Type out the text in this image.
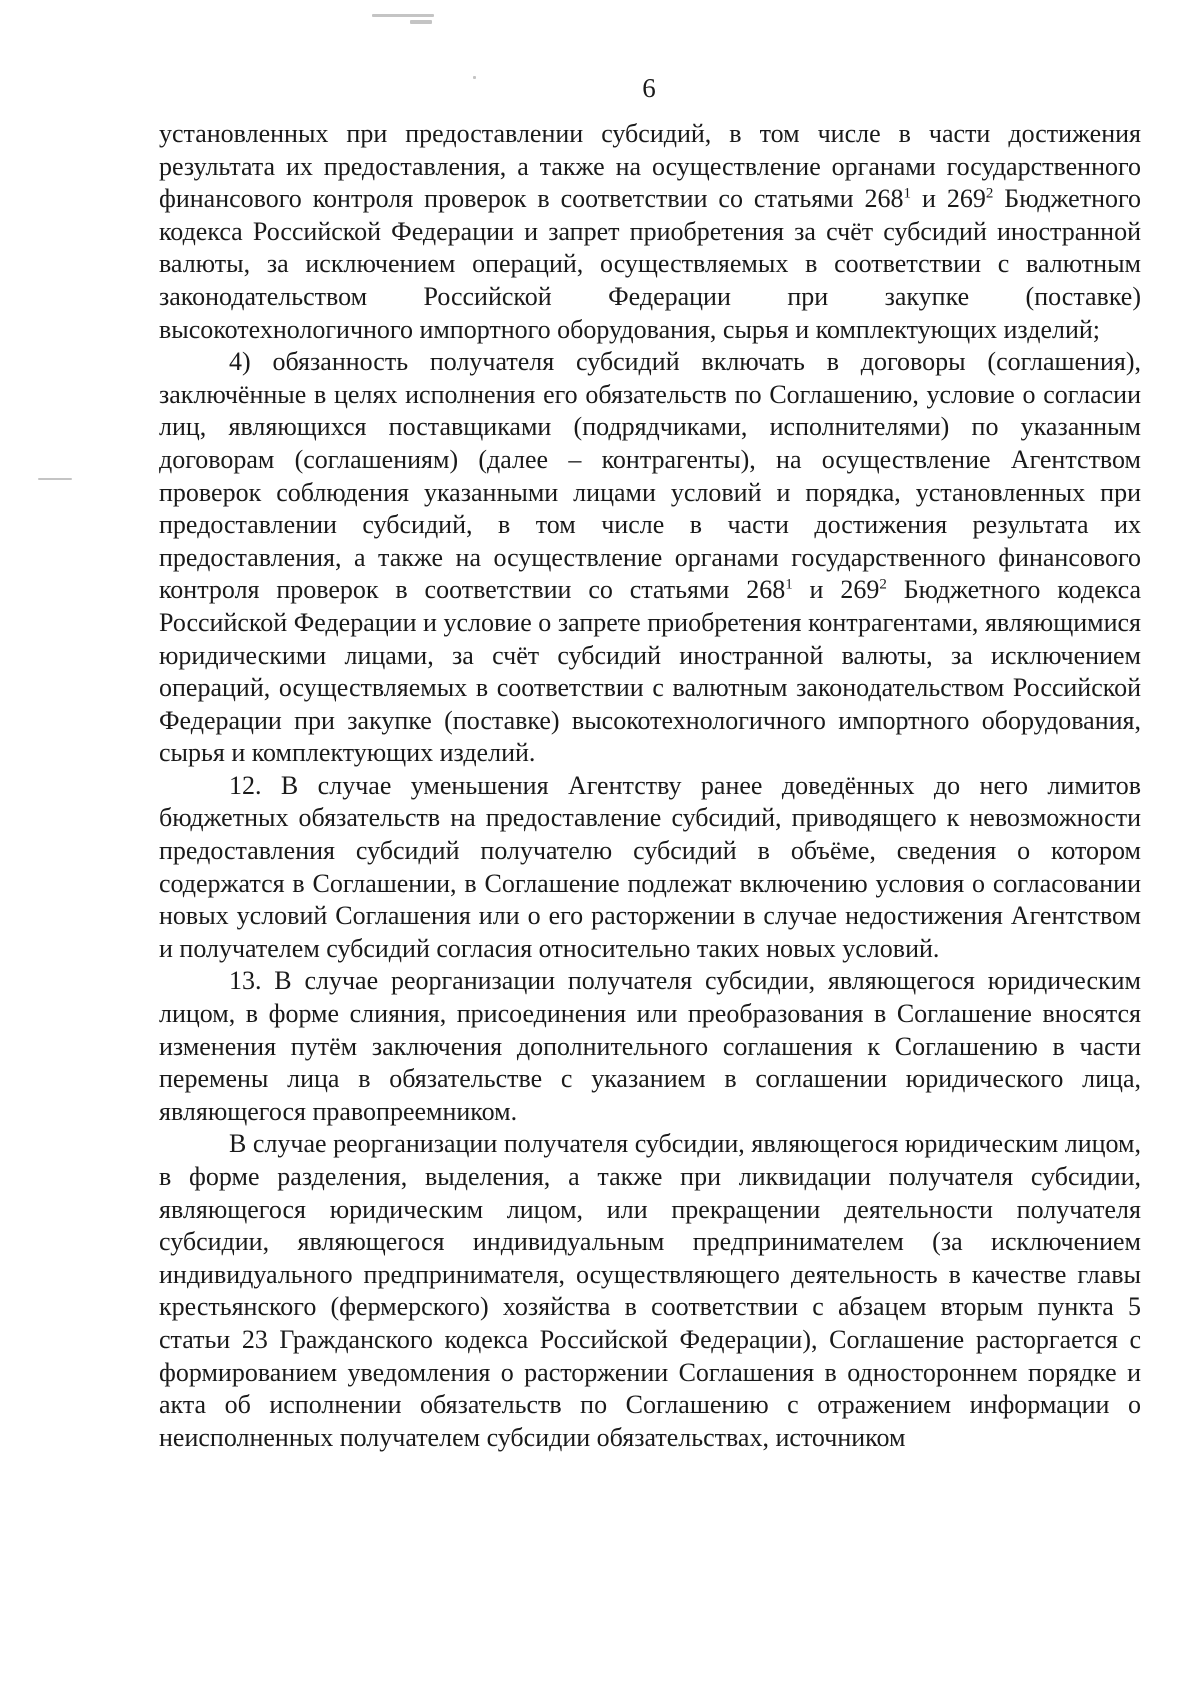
6

установленных при предоставлении субсидий, в том числе в части достижения результата их предоставления, а также на осуществление органами государственного финансового контроля проверок в соответствии со статьями $268^1$ и $269^2$ Бюджетного кодекса Российской Федерации и запрет приобретения за счёт субсидий иностранной валюты, за исключением операций, осуществляемых в соответствии с валютным законодательством Российской Федерации при закупке (поставке) высокотехнологичного импортного оборудования, сырья и комплектующих изделий;

4) обязанность получателя субсидий включать в договоры (соглашения), заключённые в целях исполнения его обязательств по Соглашению, условие о согласии лиц, являющихся поставщиками (подрядчиками, исполнителями) по указанным договорам (соглашениям) (далее – контрагенты), на осуществление Агентством проверок соблюдения указанными лицами условий и порядка, установленных при предоставлении субсидий, в том числе в части достижения результата их предоставления, а также на осуществление органами государственного финансового контроля проверок в соответствии со статьями $268^1$ и $269^2$ Бюджетного кодекса Российской Федерации и условие о запрете приобретения контрагентами, являющимися юридическими лицами, за счёт субсидий иностранной валюты, за исключением операций, осуществляемых в соответствии с валютным законодательством Российской Федерации при закупке (поставке) высокотехнологичного импортного оборудования, сырья и комплектующих изделий.

12. В случае уменьшения Агентству ранее доведённых до него лимитов бюджетных обязательств на предоставление субсидий, приводящего к невозможности предоставления субсидий получателю субсидий в объёме, сведения о котором содержатся в Соглашении, в Соглашение подлежат включению условия о согласовании новых условий Соглашения или о его расторжении в случае недостижения Агентством и получателем субсидий согласия относительно таких новых условий.

13. В случае реорганизации получателя субсидии, являющегося юридическим лицом, в форме слияния, присоединения или преобразования в Соглашение вносятся изменения путём заключения дополнительного соглашения к Соглашению в части перемены лица в обязательстве с указанием в соглашении юридического лица, являющегося правопреемником.

В случае реорганизации получателя субсидии, являющегося юридическим лицом, в форме разделения, выделения, а также при ликвидации получателя субсидии, являющегося юридическим лицом, или прекращении деятельности получателя субсидии, являющегося индивидуальным предпринимателем (за исключением индивидуального предпринимателя, осуществляющего деятельность в качестве главы крестьянского (фермерского) хозяйства в соответствии с абзацем вторым пункта 5 статьи 23 Гражданского кодекса Российской Федерации), Соглашение расторгается с формированием уведомления о расторжении Соглашения в одностороннем порядке и акта об исполнении обязательств по Соглашению с отражением информации о неисполненных получателем субсидии обязательствах, источником
